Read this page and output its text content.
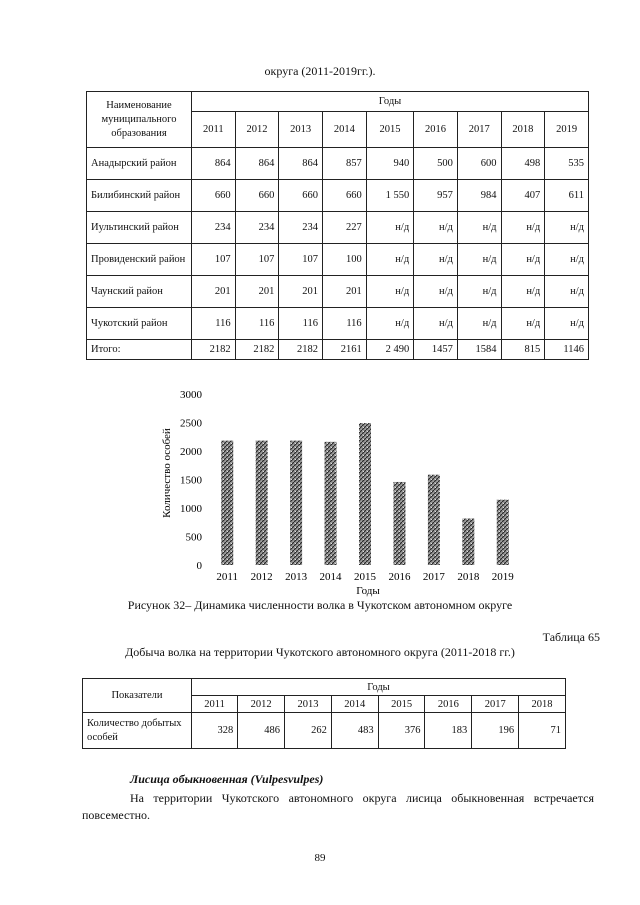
округа (2011-2019гг.).
Наименование муниципального образования	Годы								
	2011	2012	2013	2014	2015	2016	2017	2018	2019
Анадырский район	864	864	864	857	940	500	600	498	535
Билибинский район	660	660	660	660	1 550	957	984	407	611
Иультинский район	234	234	234	227	н/д	н/д	н/д	н/д	н/д
Провиденский район	107	107	107	100	н/д	н/д	н/д	н/д	н/д
Чаунский район	201	201	201	201	н/д	н/д	н/д	н/д	н/д
Чукотский район	116	116	116	116	н/д	н/д	н/д	н/д	н/д
Итого:	2182	2182	2182	2161	2 490	1457	1584	815	1146
Количество особей
0
500
1000
1500
2000
2500
3000
2011 2012 2013 2014 2015 2016 2017 2018 2019
Годы
Рисунок 32– Динамика численности волка в Чукотском автономном округе
Таблица 65
Добыча волка на территории Чукотского автономного округа (2011-2018 гг.)
Показатели	Годы							
	2011	2012	2013	2014	2015	2016	2017	2018
Количество добытых особей	328	486	262	483	376	183	196	71
Лисица обыкновенная (Vulpesvulpes)
На территории Чукотского автономного округа лисица обыкновенная встречается повсеместно.
89
